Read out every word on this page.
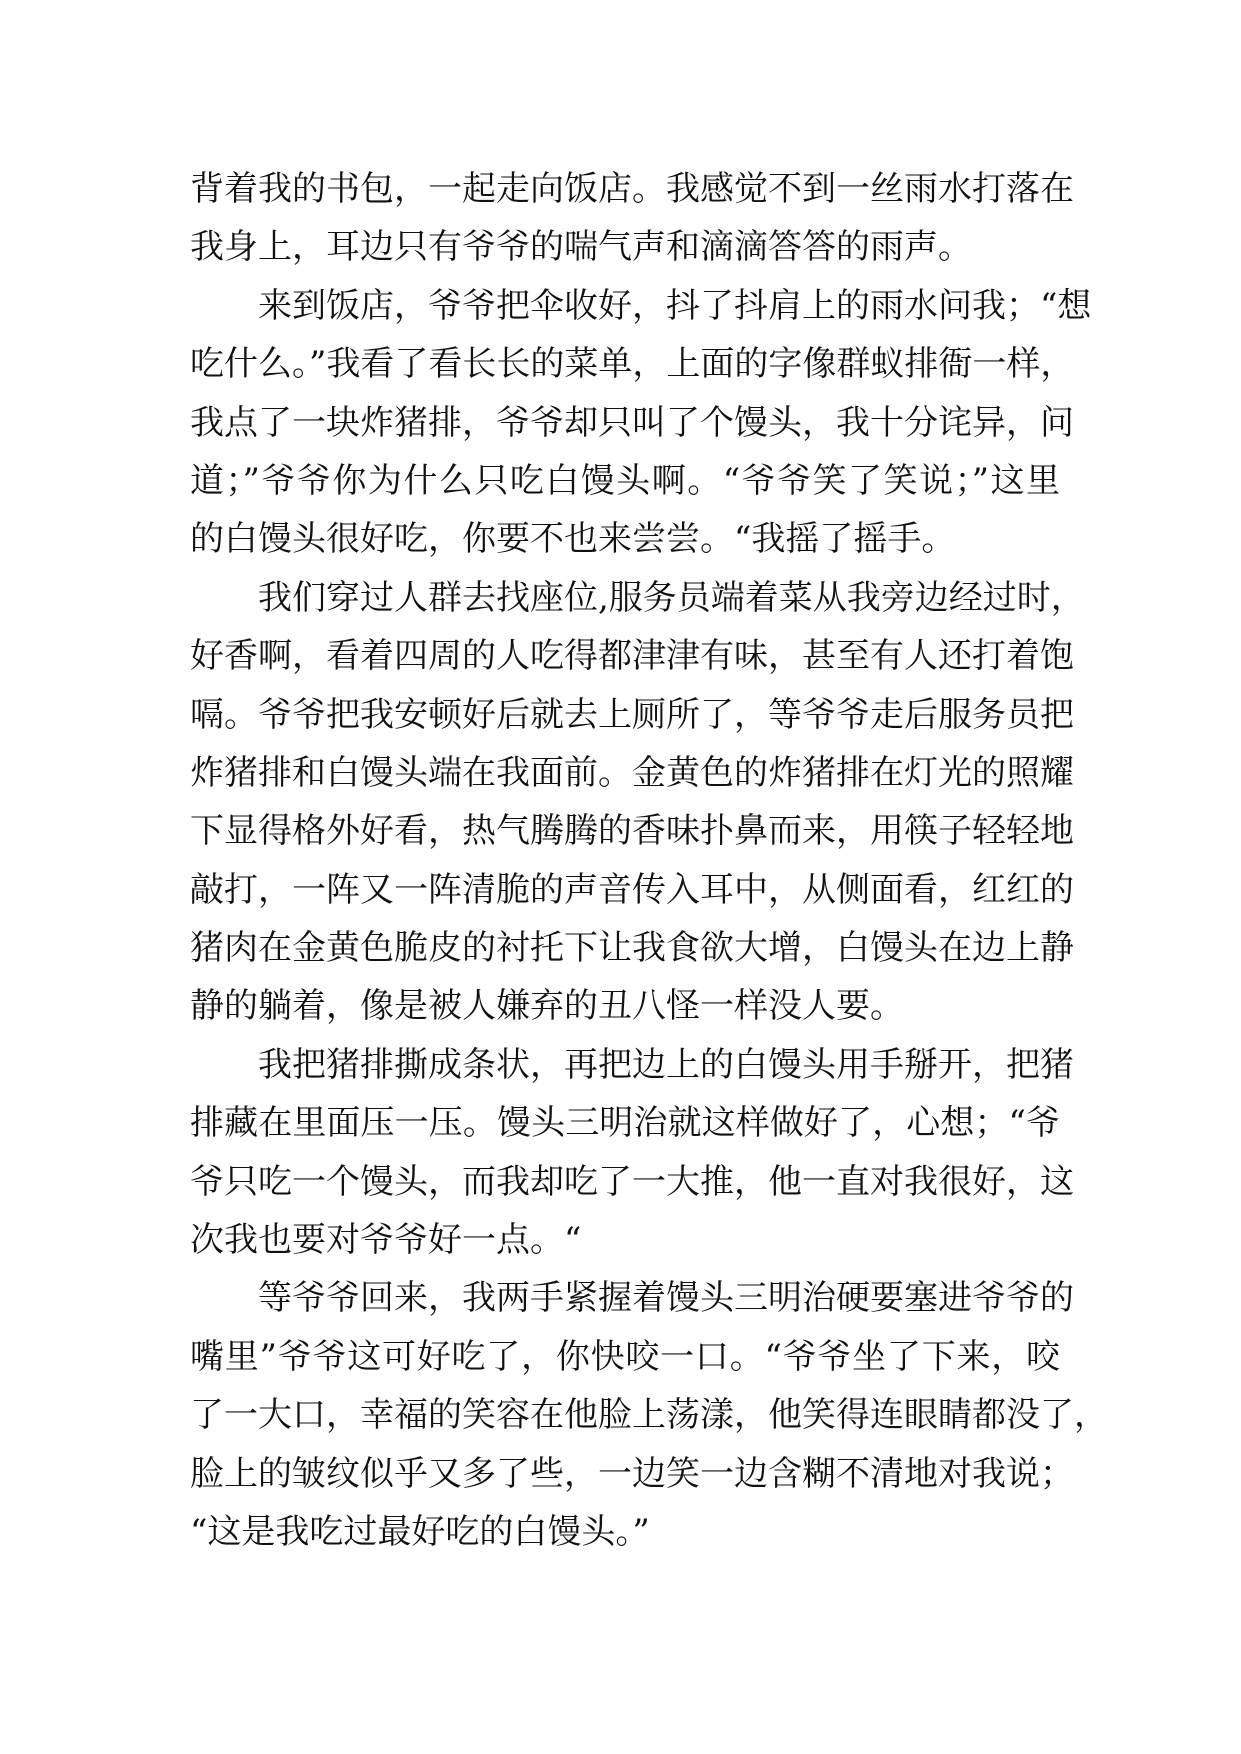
背着我的书包，一起走向饭店。我感觉不到一丝雨水打落在
我身上，耳边只有爷爷的喘气声和滴滴答答的雨声。
来到饭店，爷爷把伞收好，抖了抖肩上的雨水问我；“想
吃什么。”我看了看长长的菜单，上面的字像群蚁排衙一样，
我点了一块炸猪排，爷爷却只叫了个馒头，我十分诧异，问
道；”爷爷你为什么只吃白馒头啊。“爷爷笑了笑说；”这里
的白馒头很好吃，你要不也来尝尝。“我摇了摇手。
我们穿过人群去找座位,服务员端着菜从我旁边经过时，
好香啊，看着四周的人吃得都津津有味，甚至有人还打着饱
嗝。爷爷把我安顿好后就去上厕所了，等爷爷走后服务员把
炸猪排和白馒头端在我面前。金黄色的炸猪排在灯光的照耀
下显得格外好看，热气腾腾的香味扑鼻而来，用筷子轻轻地
敲打，一阵又一阵清脆的声音传入耳中，从侧面看，红红的
猪肉在金黄色脆皮的衬托下让我食欲大增，白馒头在边上静
静的躺着，像是被人嫌弃的丑八怪一样没人要。
我把猪排撕成条状，再把边上的白馒头用手掰开，把猪
排藏在里面压一压。馒头三明治就这样做好了，心想；“爷
爷只吃一个馒头，而我却吃了一大推，他一直对我很好，这
次我也要对爷爷好一点。“
等爷爷回来，我两手紧握着馒头三明治硬要塞进爷爷的
嘴里”爷爷这可好吃了，你快咬一口。“爷爷坐了下来，咬
了一大口，幸福的笑容在他脸上荡漾，他笑得连眼睛都没了，
脸上的皱纹似乎又多了些，一边笑一边含糊不清地对我说；
“这是我吃过最好吃的白馒头。”
